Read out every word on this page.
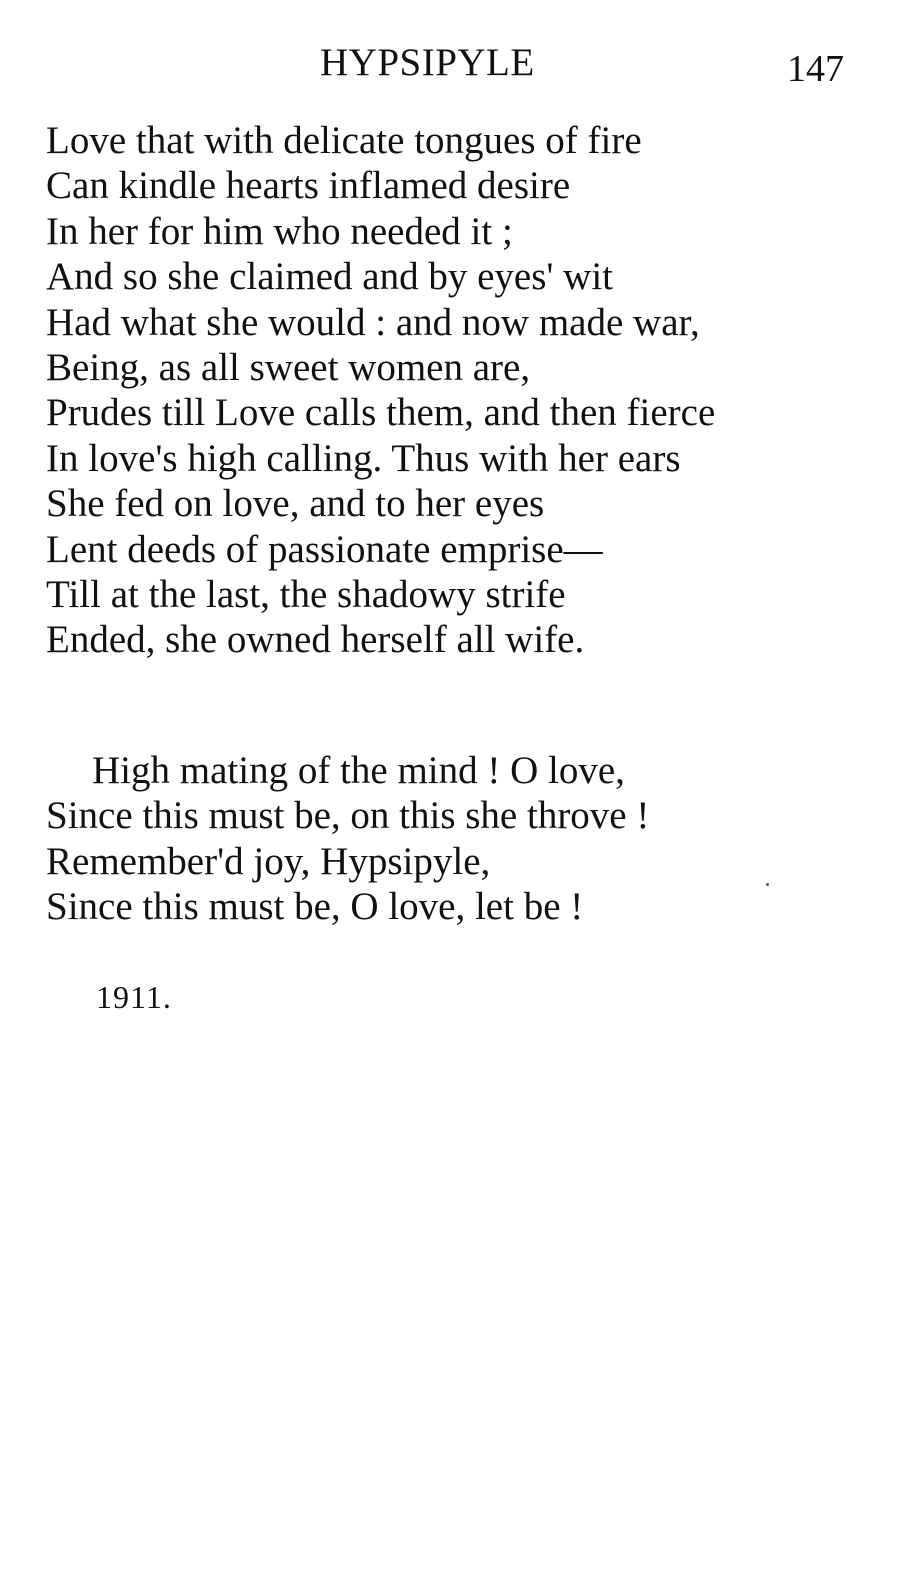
HYPSIPYLE	147
Love that with delicate tongues of fire
Can kindle hearts inflamed desire
In her for him who needed it ;
And so she claimed and by eyes' wit
Had what she would : and now made war,
Being, as all sweet women are,
Prudes till Love calls them, and then fierce
In love's high calling. Thus with her ears
She fed on love, and to her eyes
Lent deeds of passionate emprise—
Till at the last, the shadowy strife
Ended, she owned herself all wife.
High mating of the mind ! O love,
Since this must be, on this she throve !
Remember'd joy, Hypsipyle,
Since this must be, O love, let be !
1911.
